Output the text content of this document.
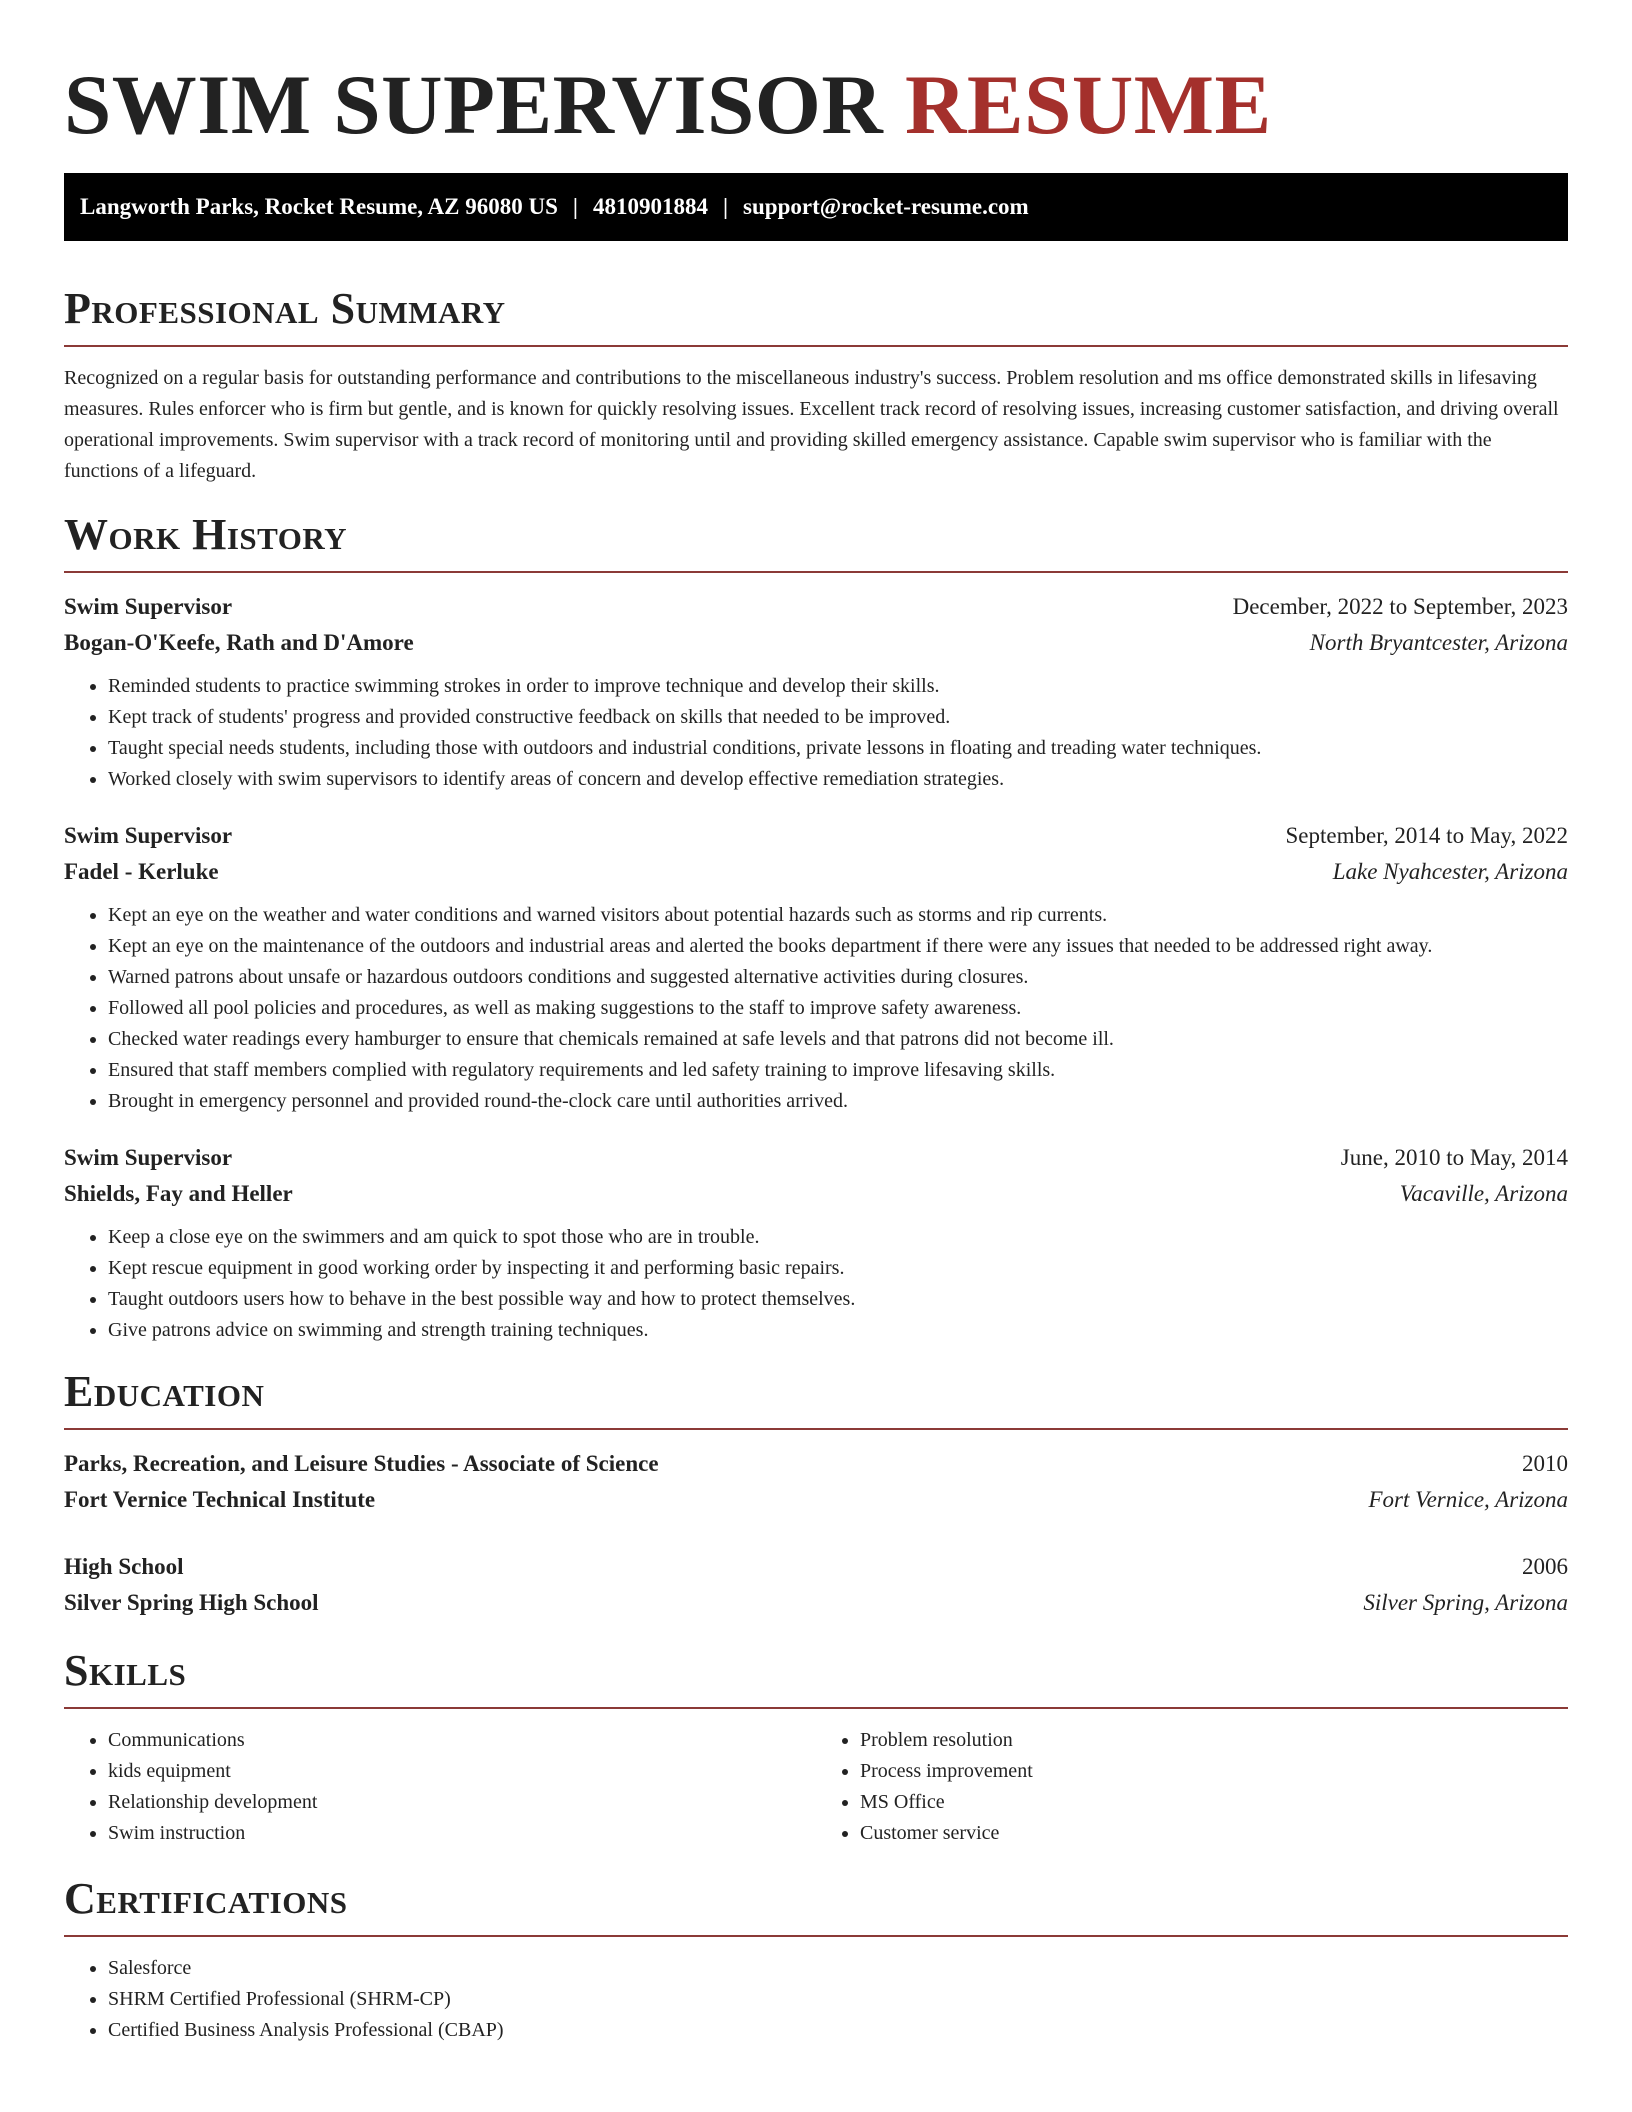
SWIM SUPERVISOR RESUME
Langworth Parks, Rocket Resume, AZ 96080 US | 4810901884 | support@rocket-resume.com
Professional Summary

Recognized on a regular basis for outstanding performance and contributions to the miscellaneous industry's success. Problem resolution and ms office demonstrated skills in lifesaving measures. Rules enforcer who is firm but gentle, and is known for quickly resolving issues. Excellent track record of resolving issues, increasing customer satisfaction, and driving overall operational improvements. Swim supervisor with a track record of monitoring until and providing skilled emergency assistance. Capable swim supervisor who is familiar with the functions of a lifeguard.

Work History
Swim Supervisor	December, 2022 to September, 2023
Bogan-O'Keefe, Rath and D'Amore	North Bryantcester, Arizona
• Reminded students to practice swimming strokes in order to improve technique and develop their skills.
• Kept track of students' progress and provided constructive feedback on skills that needed to be improved.
• Taught special needs students, including those with outdoors and industrial conditions, private lessons in floating and treading water techniques.
• Worked closely with swim supervisors to identify areas of concern and develop effective remediation strategies.
Swim Supervisor	September, 2014 to May, 2022
Fadel - Kerluke	Lake Nyahcester, Arizona
• Kept an eye on the weather and water conditions and warned visitors about potential hazards such as storms and rip currents.
• Kept an eye on the maintenance of the outdoors and industrial areas and alerted the books department if there were any issues that needed to be addressed right away.
• Warned patrons about unsafe or hazardous outdoors conditions and suggested alternative activities during closures.
• Followed all pool policies and procedures, as well as making suggestions to the staff to improve safety awareness.
• Checked water readings every hamburger to ensure that chemicals remained at safe levels and that patrons did not become ill.
• Ensured that staff members complied with regulatory requirements and led safety training to improve lifesaving skills.
• Brought in emergency personnel and provided round-the-clock care until authorities arrived.
Swim Supervisor	June, 2010 to May, 2014
Shields, Fay and Heller	Vacaville, Arizona
• Keep a close eye on the swimmers and am quick to spot those who are in trouble.
• Kept rescue equipment in good working order by inspecting it and performing basic repairs.
• Taught outdoors users how to behave in the best possible way and how to protect themselves.
• Give patrons advice on swimming and strength training techniques.
Education
Parks, Recreation, and Leisure Studies - Associate of Science	2010
Fort Vernice Technical Institute	Fort Vernice, Arizona
High School	2006
Silver Spring High School	Silver Spring, Arizona
Skills
• Communications
• kids equipment
• Relationship development
• Swim instruction
• Problem resolution
• Process improvement
• MS Office
• Customer service
Certifications
• Salesforce
• SHRM Certified Professional (SHRM-CP)
• Certified Business Analysis Professional (CBAP)
